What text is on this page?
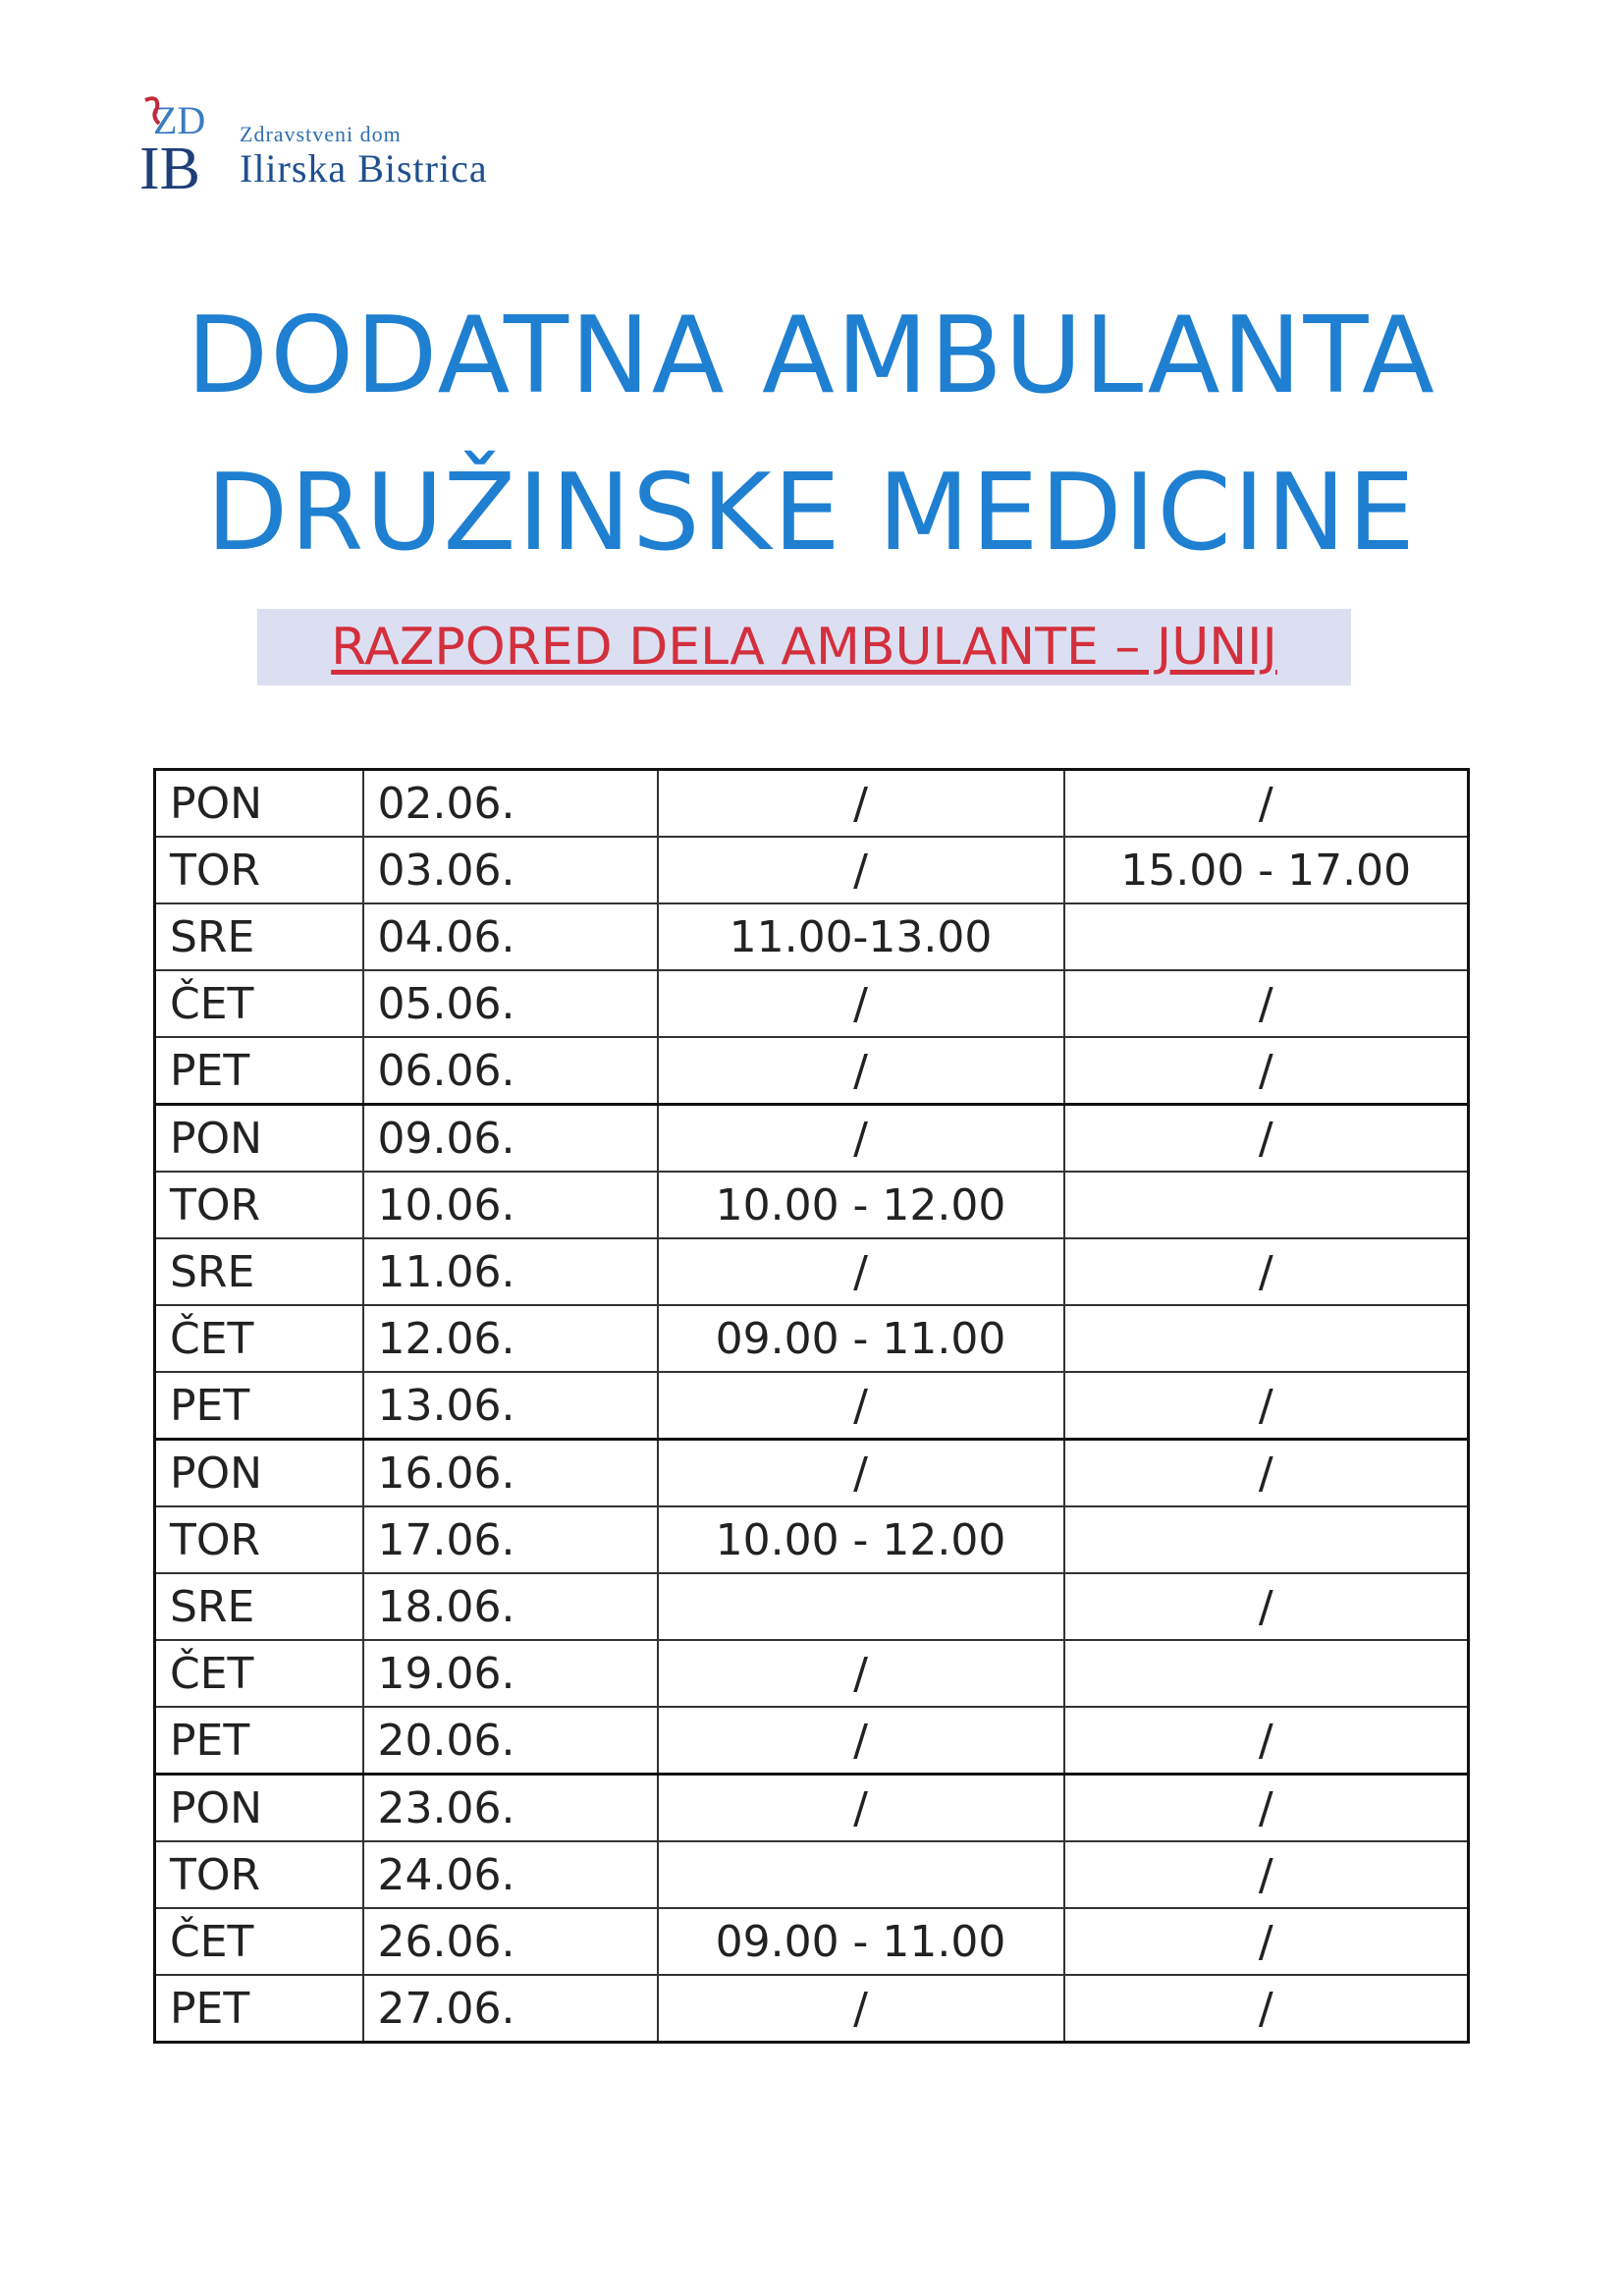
ZD
IB
Zdravstveni dom
Ilirska Bistrica
DODATNA AMBULANTA
DRUŽINSKE MEDICINE
RAZPORED DELA AMBULANTE – JUNIJ
PON	02.06.	/	/
TOR	03.06.	/	15.00 - 17.00
SRE	04.06.	11.00-13.00	
ČET	05.06.	/	/
PET	06.06.	/	/
PON	09.06.	/	/
TOR	10.06.	10.00 - 12.00	
SRE	11.06.	/	/
ČET	12.06.	09.00 - 11.00	
PET	13.06.	/	/
PON	16.06.	/	/
TOR	17.06.	10.00 - 12.00	
SRE	18.06.		/
ČET	19.06.	/	
PET	20.06.	/	/
PON	23.06.	/	/
TOR	24.06.		/
ČET	26.06.	09.00 - 11.00	/
PET	27.06.	/	/
